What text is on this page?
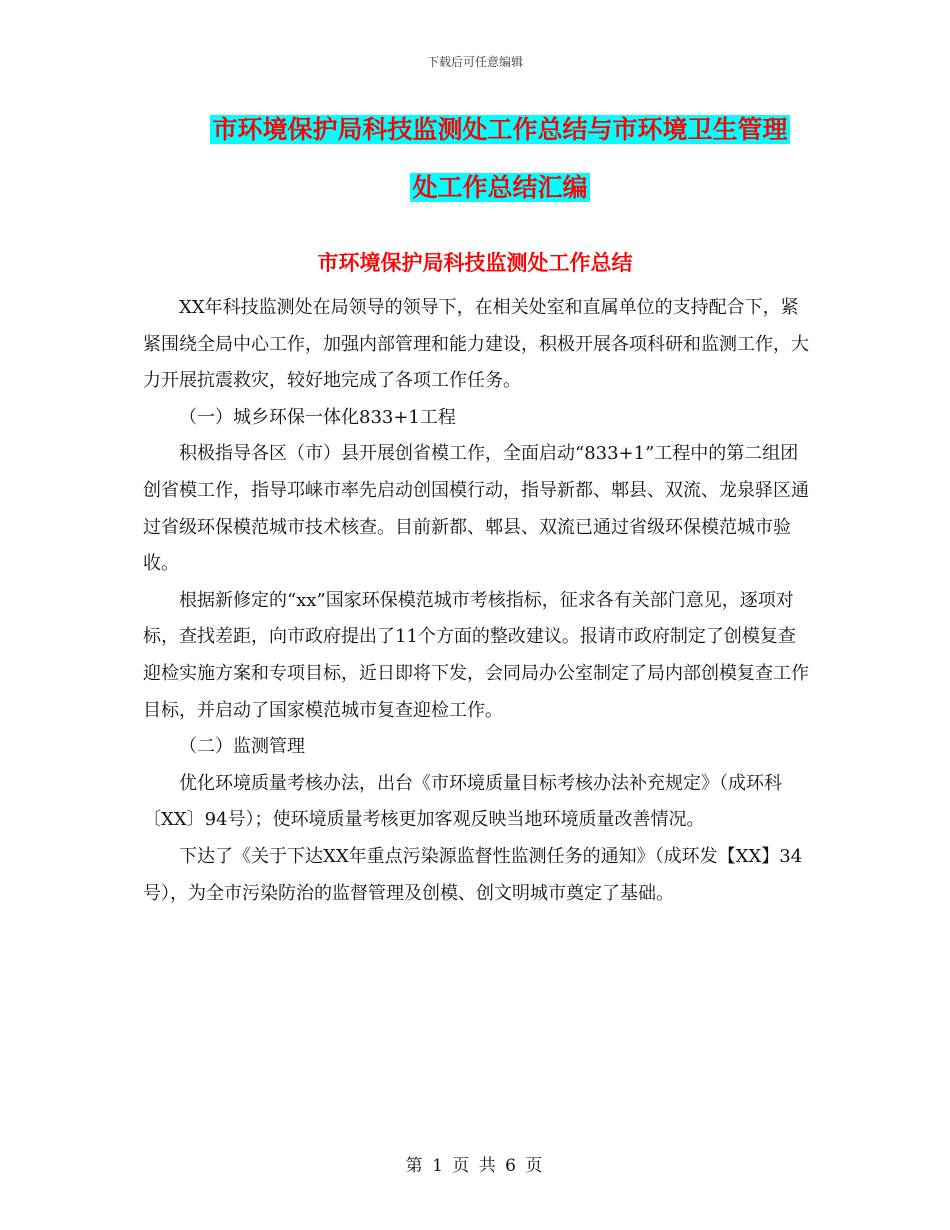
下载后可任意编辑
市环境保护局科技监测处工作总结与市环境卫生管理
处工作总结汇编
市环境保护局科技监测处工作总结

XX年科技监测处在局领导的领导下，在相关处室和直属单位的支持配合下，紧紧围绕全局中心工作，加强内部管理和能力建设，积极开展各项科研和监测工作，大力开展抗震救灾，较好地完成了各项工作任务。

（一）城乡环保一体化833+1工程

积极指导各区（市）县开展创省模工作，全面启动“833+1”工程中的第二组团创省模工作，指导邛崃市率先启动创国模行动，指导新都、郫县、双流、龙泉驿区通过省级环保模范城市技术核查。目前新都、郫县、双流已通过省级环保模范城市验收。

根据新修定的“xx”国家环保模范城市考核指标，征求各有关部门意见，逐项对标，查找差距，向市政府提出了11个方面的整改建议。报请市政府制定了创模复查迎检实施方案和专项目标，近日即将下发，会同局办公室制定了局内部创模复查工作目标，并启动了国家模范城市复查迎检工作。

（二）监测管理

优化环境质量考核办法，出台《市环境质量目标考核办法补充规定》（成环科〔XX〕94号）；使环境质量考核更加客观反映当地环境质量改善情况。

下达了《关于下达XX年重点污染源监督性监测任务的通知》（成环发【XX】34号），为全市污染防治的监督管理及创模、创文明城市奠定了基础。

第 1 页 共 6 页
